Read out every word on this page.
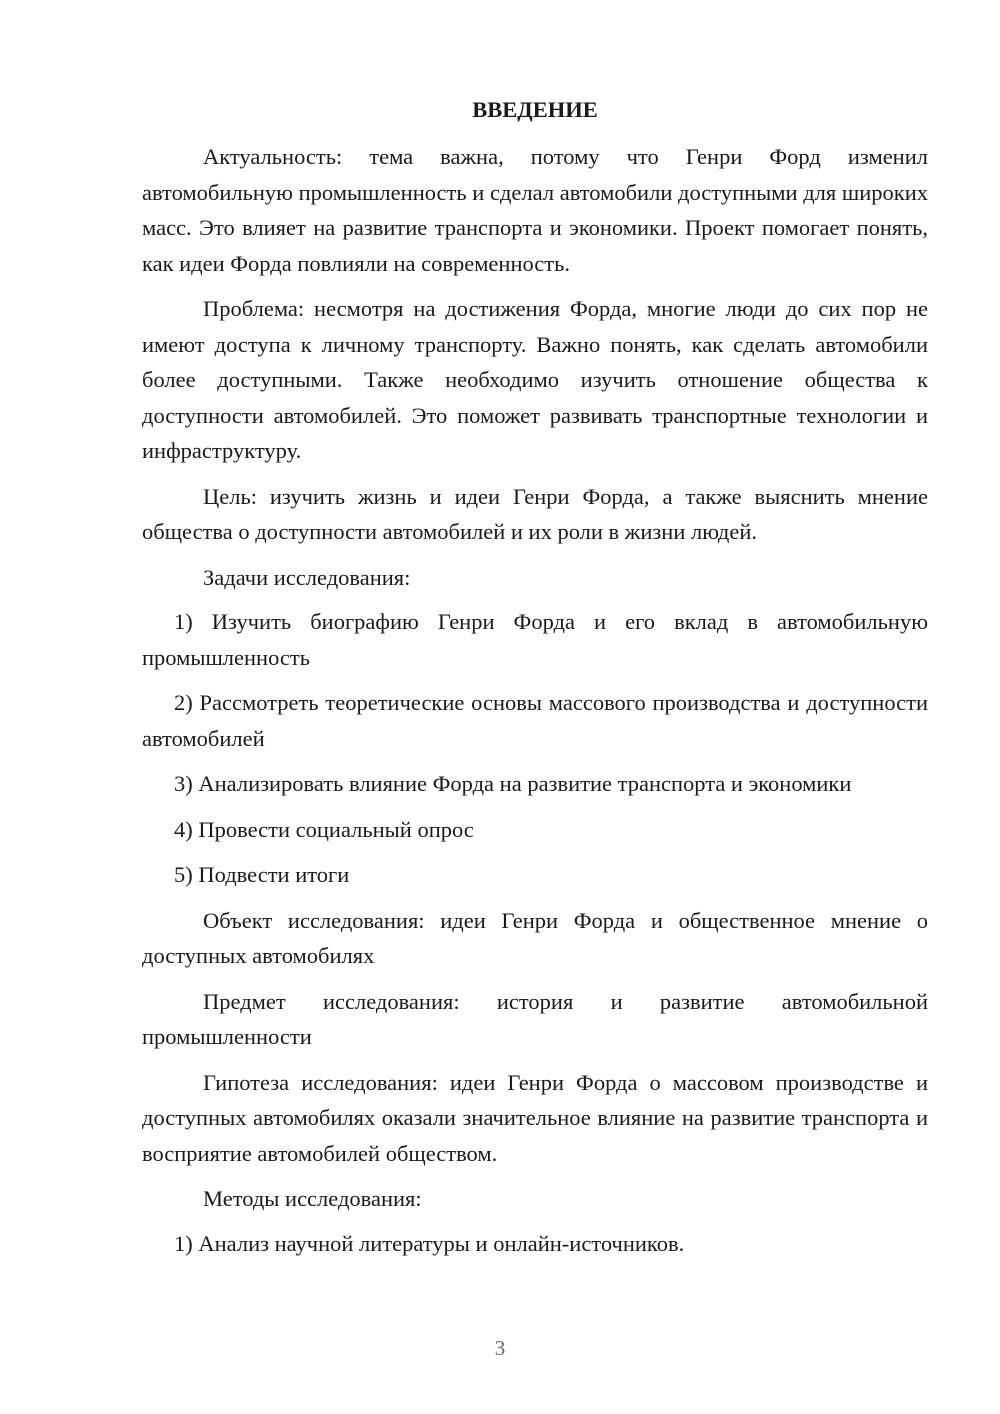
ВВЕДЕНИЕ

Актуальность: тема важна, потому что Генри Форд изменил автомобильную промышленность и сделал автомобили доступными для широких масс. Это влияет на развитие транспорта и экономики. Проект помогает понять, как идеи Форда повлияли на современность.

Проблема: несмотря на достижения Форда, многие люди до сих пор не имеют доступа к личному транспорту. Важно понять, как сделать автомобили более доступными. Также необходимо изучить отношение общества к доступности автомобилей. Это поможет развивать транспортные технологии и инфраструктуру.

Цель: изучить жизнь и идеи Генри Форда, а также выяснить мнение общества о доступности автомобилей и их роли в жизни людей.

Задачи исследования:

1) Изучить биографию Генри Форда и его вклад в автомобильную промышленность

2) Рассмотреть теоретические основы массового производства и доступности автомобилей

3) Анализировать влияние Форда на развитие транспорта и экономики

4) Провести социальный опрос

5) Подвести итоги

Объект исследования: идеи Генри Форда и общественное мнение о доступных автомобилях

Предмет исследования: история и развитие автомобильной промышленности

Гипотеза исследования: идеи Генри Форда о массовом производстве и доступных автомобилях оказали значительное влияние на развитие транспорта и восприятие автомобилей обществом.

Методы исследования:

1) Анализ научной литературы и онлайн-источников.

3
